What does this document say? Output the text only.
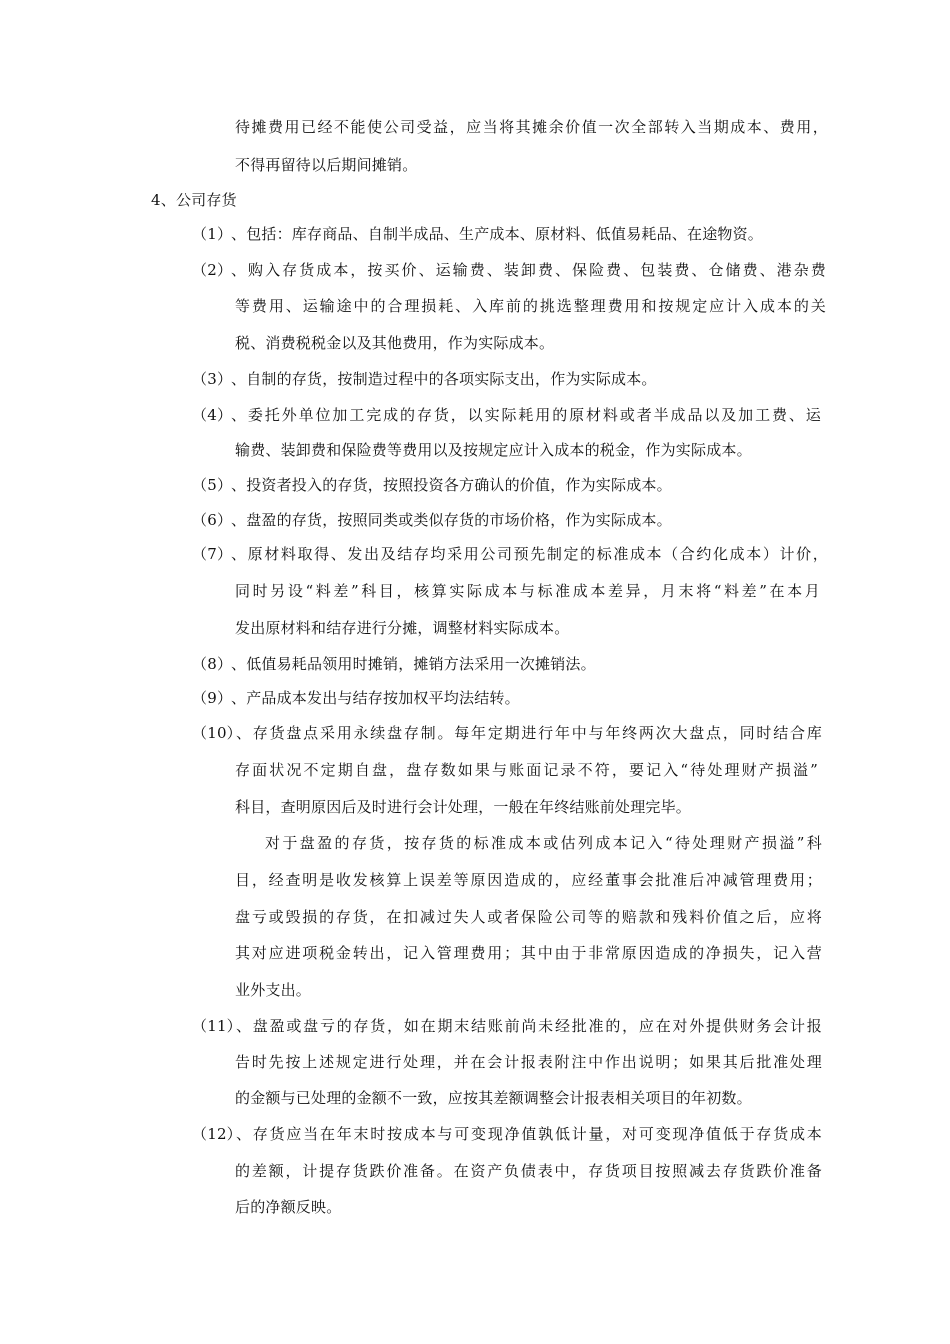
待摊费用已经不能使公司受益，应当将其摊余价值一次全部转入当期成本、费用，
不得再留待以后期间摊销。
4、公司存货
（1）
、包括：库存商品、自制半成品、生产成本、原材料、低值易耗品、在途物资。
（2）
、购入存货成本，按买价、运输费、装卸费、保险费、包装费、仓储费、港杂费
等费用、运输途中的合理损耗、入库前的挑选整理费用和按规定应计入成本的关
税、消费税税金以及其他费用，作为实际成本。
（3）
、自制的存货，按制造过程中的各项实际支出，作为实际成本。
（4）
、委托外单位加工完成的存货，以实际耗用的原材料或者半成品以及加工费、运
输费、装卸费和保险费等费用以及按规定应计入成本的税金，作为实际成本。
（5）
、投资者投入的存货，按照投资各方确认的价值，作为实际成本。
（6）
、盘盈的存货，按照同类或类似存货的市场价格，作为实际成本。
（7）
、原材料取得、发出及结存均采用公司预先制定的标准成本（合约化成本）计价，
同时另设“料差”科目，核算实际成本与标准成本差异，月末将“料差”在本月
发出原材料和结存进行分摊，调整材料实际成本。
（8）
、低值易耗品领用时摊销，摊销方法采用一次摊销法。
（9）
、产品成本发出与结存按加权平均法结转。
（10）
、存货盘点采用永续盘存制。每年定期进行年中与年终两次大盘点，同时结合库
存面状况不定期自盘，盘存数如果与账面记录不符，要记入“待处理财产损溢”
科目，查明原因后及时进行会计处理，一般在年终结账前处理完毕。
对于盘盈的存货，按存货的标准成本或估列成本记入“待处理财产损溢”科
目，经查明是收发核算上误差等原因造成的，应经董事会批准后冲减管理费用；
盘亏或毁损的存货，在扣减过失人或者保险公司等的赔款和残料价值之后，应将
其对应进项税金转出，记入管理费用；其中由于非常原因造成的净损失，记入营
业外支出。
（11）
、盘盈或盘亏的存货，如在期末结账前尚未经批准的，应在对外提供财务会计报
告时先按上述规定进行处理，并在会计报表附注中作出说明；如果其后批准处理
的金额与已处理的金额不一致，应按其差额调整会计报表相关项目的年初数。
（12）
、存货应当在年末时按成本与可变现净值孰低计量，对可变现净值低于存货成本
的差额，计提存货跌价准备。在资产负债表中，存货项目按照减去存货跌价准备
后的净额反映。
